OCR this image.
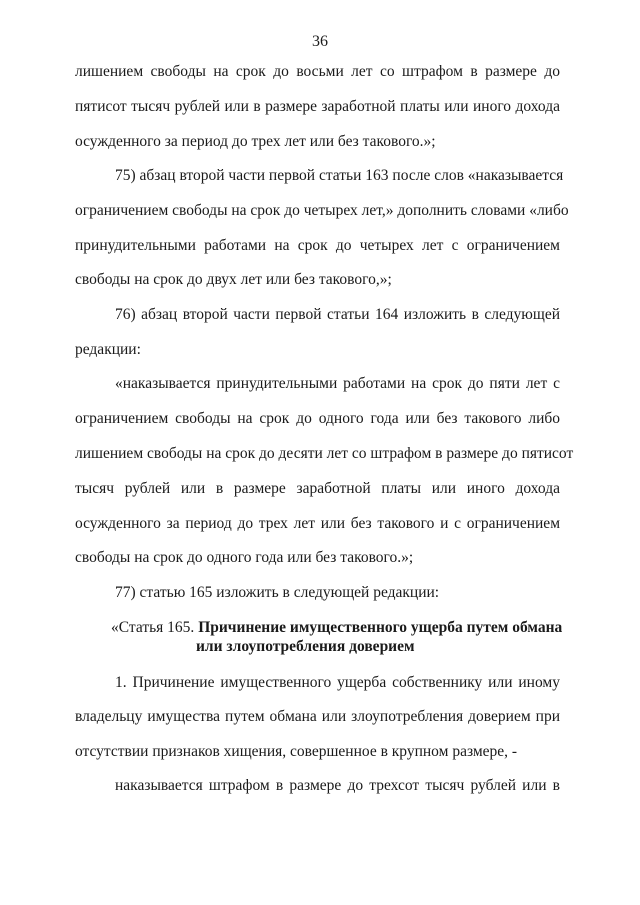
36
лишением свободы на срок до восьми лет со штрафом в размере до
пятисот тысяч рублей или в размере заработной платы или иного дохода
осужденного за период до трех лет или без такового.»;
75) абзац второй части первой статьи 163 после слов «наказывается
ограничением свободы на срок до четырех лет,» дополнить словами «либо
принудительными работами на срок до четырех лет с ограничением
свободы на срок до двух лет или без такового,»;
76) абзац второй части первой статьи 164 изложить в следующей
редакции:
«наказывается принудительными работами на срок до пяти лет с
ограничением свободы на срок до одного года или без такового либо
лишением свободы на срок до десяти лет со штрафом в размере до пятисот
тысяч рублей или в размере заработной платы или иного дохода
осужденного за период до трех лет или без такового и с ограничением
свободы на срок до одного года или без такового.»;
77) статью 165 изложить в следующей редакции:
«Статья 165. Причинение имущественного ущерба путем обмана
или злоупотребления доверием
1. Причинение имущественного ущерба собственнику или иному
владельцу имущества путем обмана или злоупотребления доверием при
отсутствии признаков хищения, совершенное в крупном размере, -
наказывается штрафом в размере до трехсот тысяч рублей или в
